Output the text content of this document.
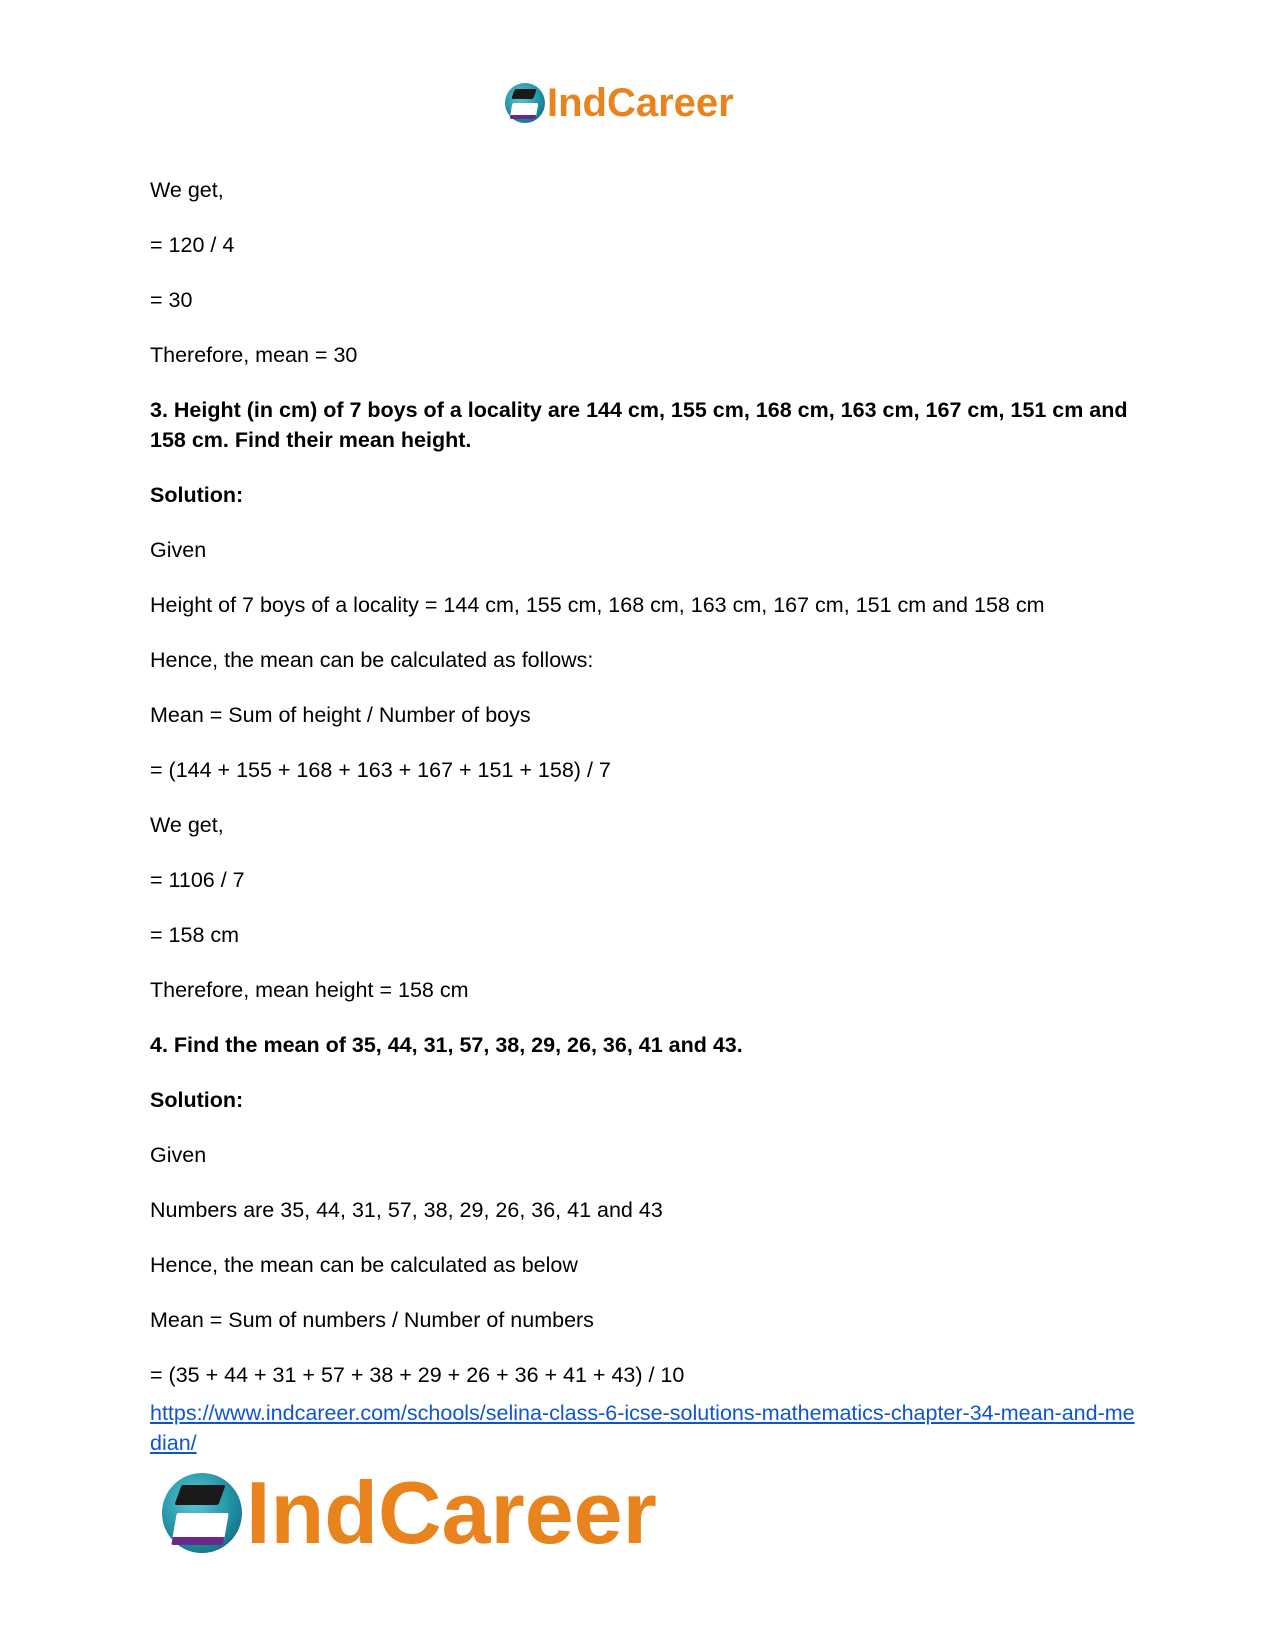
IndCareer

We get,

= 120 / 4

= 30

Therefore, mean = 30

3. Height (in cm) of 7 boys of a locality are 144 cm, 155 cm, 168 cm, 163 cm, 167 cm, 151 cm and 158 cm. Find their mean height.

Solution:

Given

Height of 7 boys of a locality = 144 cm, 155 cm, 168 cm, 163 cm, 167 cm, 151 cm and 158 cm

Hence, the mean can be calculated as follows:

Mean = Sum of height / Number of boys

= (144 + 155 + 168 + 163 + 167 + 151 + 158) / 7

We get,

= 1106 / 7

= 158 cm

Therefore, mean height = 158 cm

4. Find the mean of 35, 44, 31, 57, 38, 29, 26, 36, 41 and 43.

Solution:

Given

Numbers are 35, 44, 31, 57, 38, 29, 26, 36, 41 and 43

Hence, the mean can be calculated as below

Mean = Sum of numbers / Number of numbers

= (35 + 44 + 31 + 57 + 38 + 29 + 26 + 36 + 41 + 43) / 10

https://www.indcareer.com/schools/selina-class-6-icse-solutions-mathematics-chapter-34-mean-and-median/
IndCareer
